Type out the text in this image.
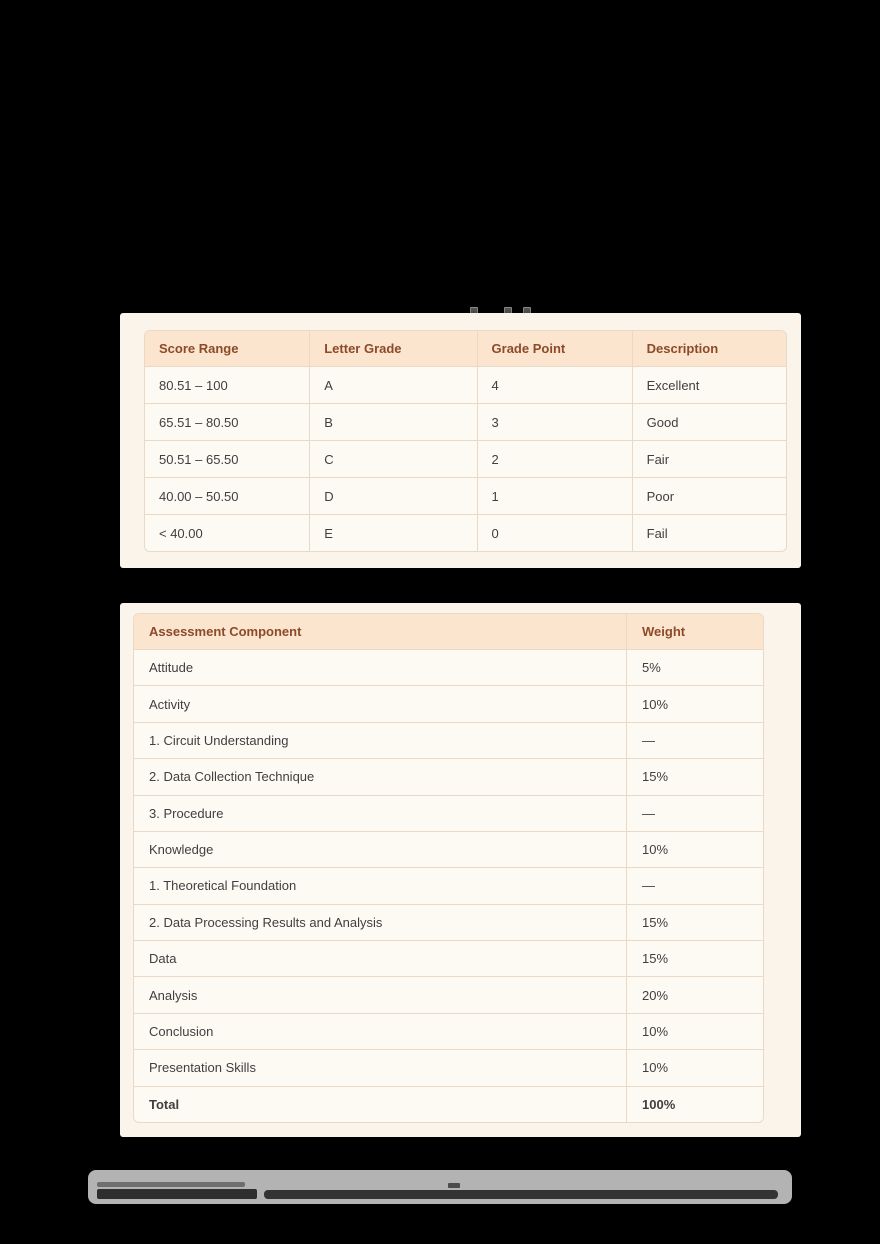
Score Range	Letter Grade	Grade Point	Description
80.51 – 100	A	4	Excellent
65.51 – 80.50	B	3	Good
50.51 – 65.50	C	2	Fair
40.00 – 50.50	D	1	Poor
< 40.00	E	0	Fail
Assessment Component	Weight
Attitude	5%
Activity	10%
1. Circuit Understanding	—
2. Data Collection Technique	15%
3. Procedure	—
Knowledge	10%
1. Theoretical Foundation	—
2. Data Processing Results and Analysis	15%
Data	15%
Analysis	20%
Conclusion	10%
Presentation Skills	10%
Total	100%
